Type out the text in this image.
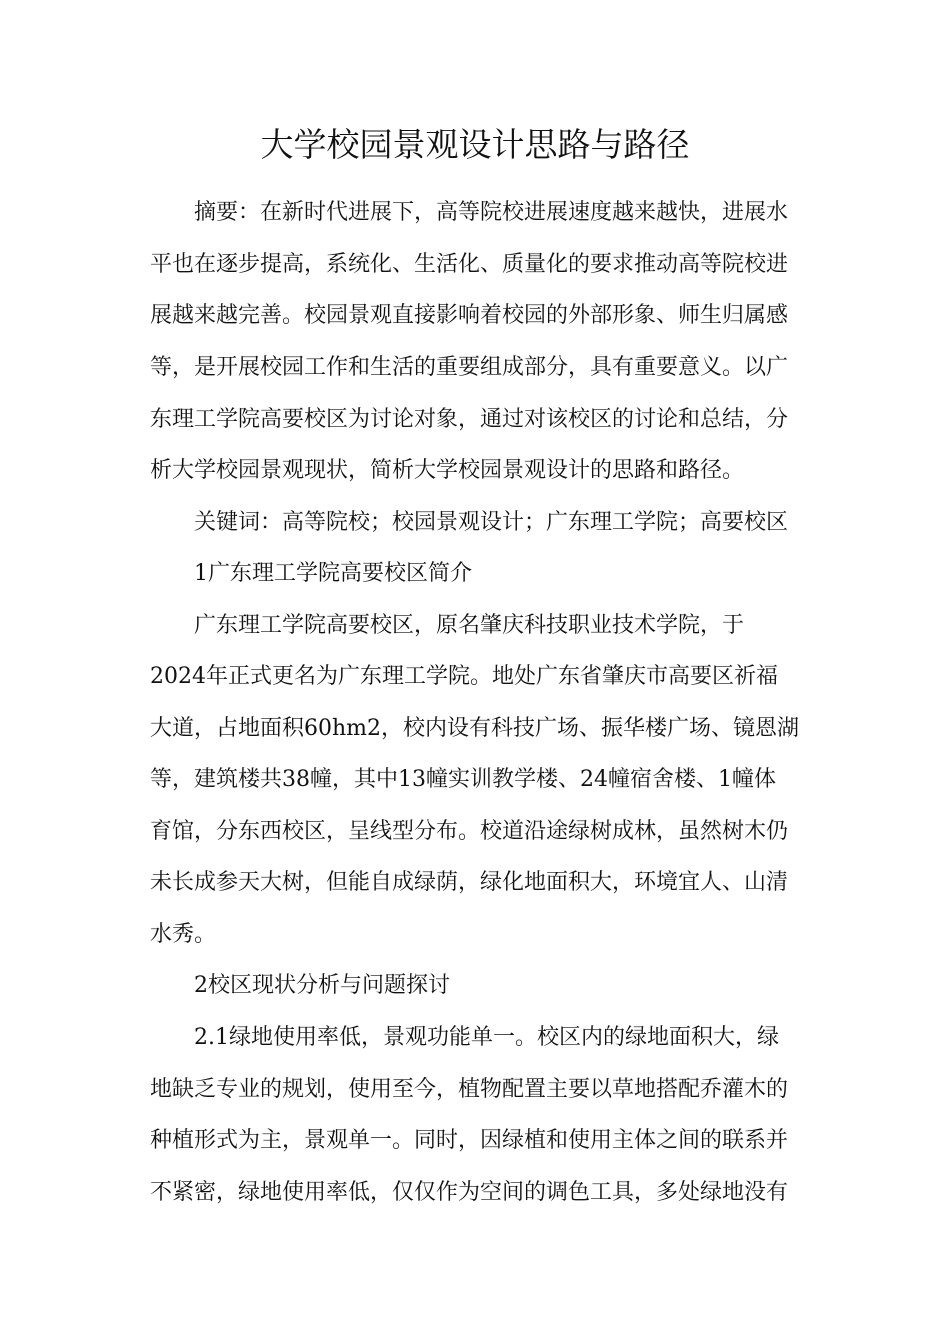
大学校园景观设计思路与路径
摘要：在新时代进展下，高等院校进展速度越来越快，进展水
平也在逐步提高，系统化、生活化、质量化的要求推动高等院校进
展越来越完善。校园景观直接影响着校园的外部形象、师生归属感
等，是开展校园工作和生活的重要组成部分，具有重要意义。以广
东理工学院高要校区为讨论对象，通过对该校区的讨论和总结，分
析大学校园景观现状，简析大学校园景观设计的思路和路径。
关键词：高等院校；校园景观设计；广东理工学院；高要校区
1广东理工学院高要校区简介
广东理工学院高要校区，原名肇庆科技职业技术学院，于
2024年正式更名为广东理工学院。地处广东省肇庆市高要区祈福
大道，占地面积60hm2，校内设有科技广场、振华楼广场、镜恩湖
等，建筑楼共38幢，其中13幢实训教学楼、24幢宿舍楼、1幢体
育馆，分东西校区，呈线型分布。校道沿途绿树成林，虽然树木仍
未长成参天大树，但能自成绿荫，绿化地面积大，环境宜人、山清
水秀。
2校区现状分析与问题探讨
2.1绿地使用率低，景观功能单一。校区内的绿地面积大，绿
地缺乏专业的规划，使用至今，植物配置主要以草地搭配乔灌木的
种植形式为主，景观单一。同时，因绿植和使用主体之间的联系并
不紧密，绿地使用率低，仅仅作为空间的调色工具，多处绿地没有
